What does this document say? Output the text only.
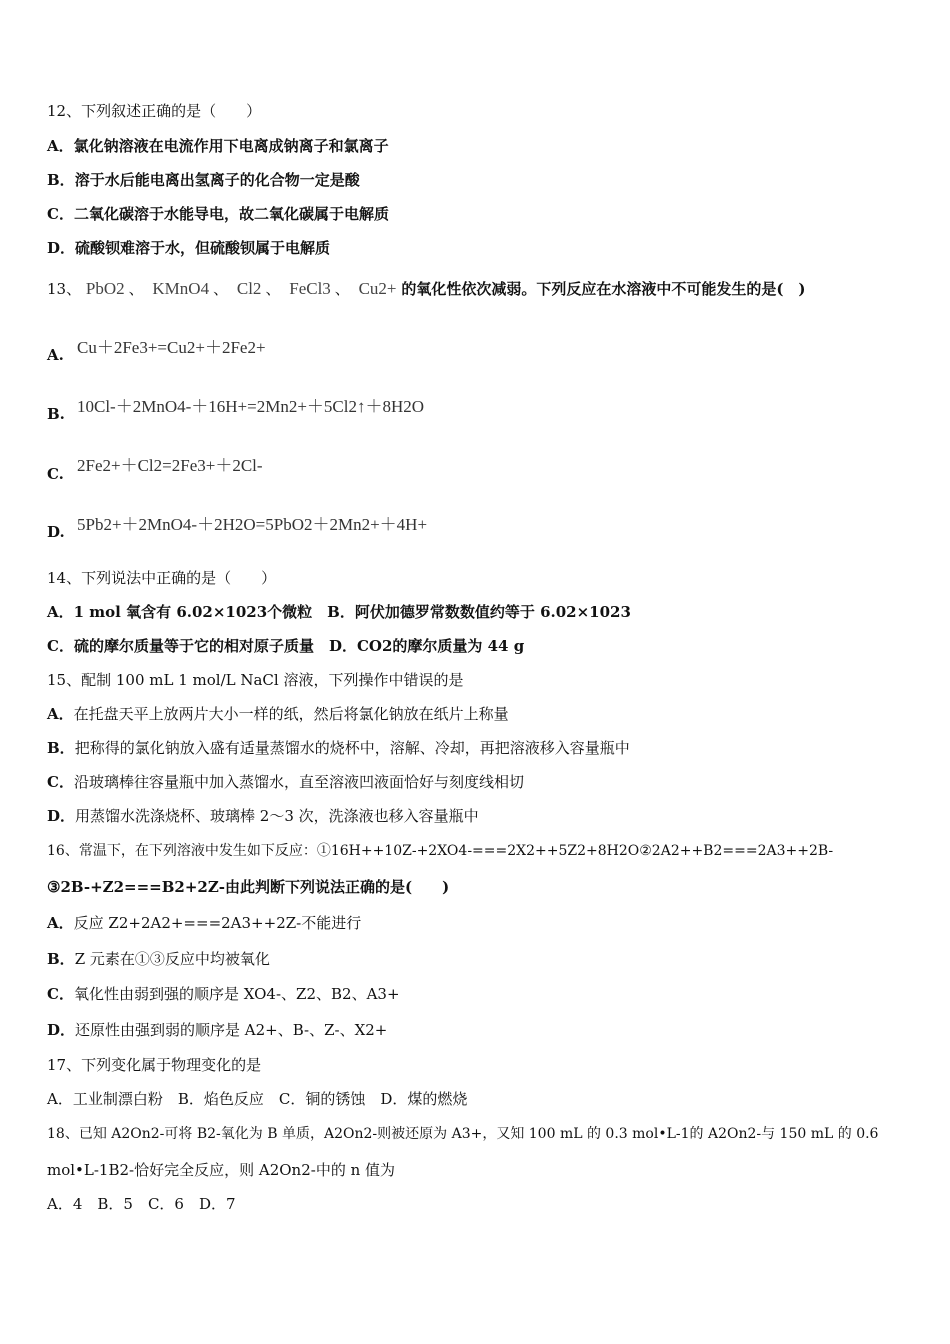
12、下列叙述正确的是（　　）
A．氯化钠溶液在电流作用下电离成钠离子和氯离子
B．溶于水后能电离出氢离子的化合物一定是酸
C．二氧化碳溶于水能导电，故二氧化碳属于电解质
D．硫酸钡难溶于水，但硫酸钡属于电解质
13、 PbO2 、 KMnO4 、 Cl2 、 FeCl3 、 Cu2+ 的氧化性依次减弱。下列反应在水溶液中不可能发生的是(　)
A. Cu＋2Fe3+=Cu2+＋2Fe2+
B. 10Cl-＋2MnO4-＋16H+=2Mn2+＋5Cl2↑＋8H2O
C. 2Fe2+＋Cl2=2Fe3+＋2Cl-
D. 5Pb2+＋2MnO4-＋2H2O=5PbO2＋2Mn2+＋4H+
14、下列说法中正确的是（　　）
A．1 mol 氧含有 6.02×1023个微粒　B．阿伏加德罗常数数值约等于 6.02×1023
C．硫的摩尔质量等于它的相对原子质量　D．CO2的摩尔质量为 44 g
15、配制 100 mL 1 mol/L NaCl 溶液，下列操作中错误的是
A．在托盘天平上放两片大小一样的纸，然后将氯化钠放在纸片上称量
B．把称得的氯化钠放入盛有适量蒸馏水的烧杯中，溶解、冷却，再把溶液移入容量瓶中
C．沿玻璃棒往容量瓶中加入蒸馏水，直至溶液凹液面恰好与刻度线相切
D．用蒸馏水洗涤烧杯、玻璃棒 2～3 次，洗涤液也移入容量瓶中
16、常温下，在下列溶液中发生如下反应：①16H++10Z-+2XO4-===2X2++5Z2+8H2O②2A2++B2===2A3++2B-
③2B-+Z2===B2+2Z-由此判断下列说法正确的是(　　)
A．反应 Z2+2A2+===2A3++2Z-不能进行
B．Z 元素在①③反应中均被氧化
C．氧化性由弱到强的顺序是 XO4-、Z2、B2、A3+
D．还原性由强到弱的顺序是 A2+、B-、Z-、X2+
17、下列变化属于物理变化的是
A．工业制漂白粉　B．焰色反应　C．铜的锈蚀　D．煤的燃烧
18、已知 A2On2-可将 B2-氧化为 B 单质，A2On2-则被还原为 A3+，又知 100 mL 的 0.3 mol•L-1的 A2On2-与 150 mL 的 0.6
mol•L-1B2-恰好完全反应，则 A2On2-中的 n 值为
A．4　B．5　C．6　D．7
